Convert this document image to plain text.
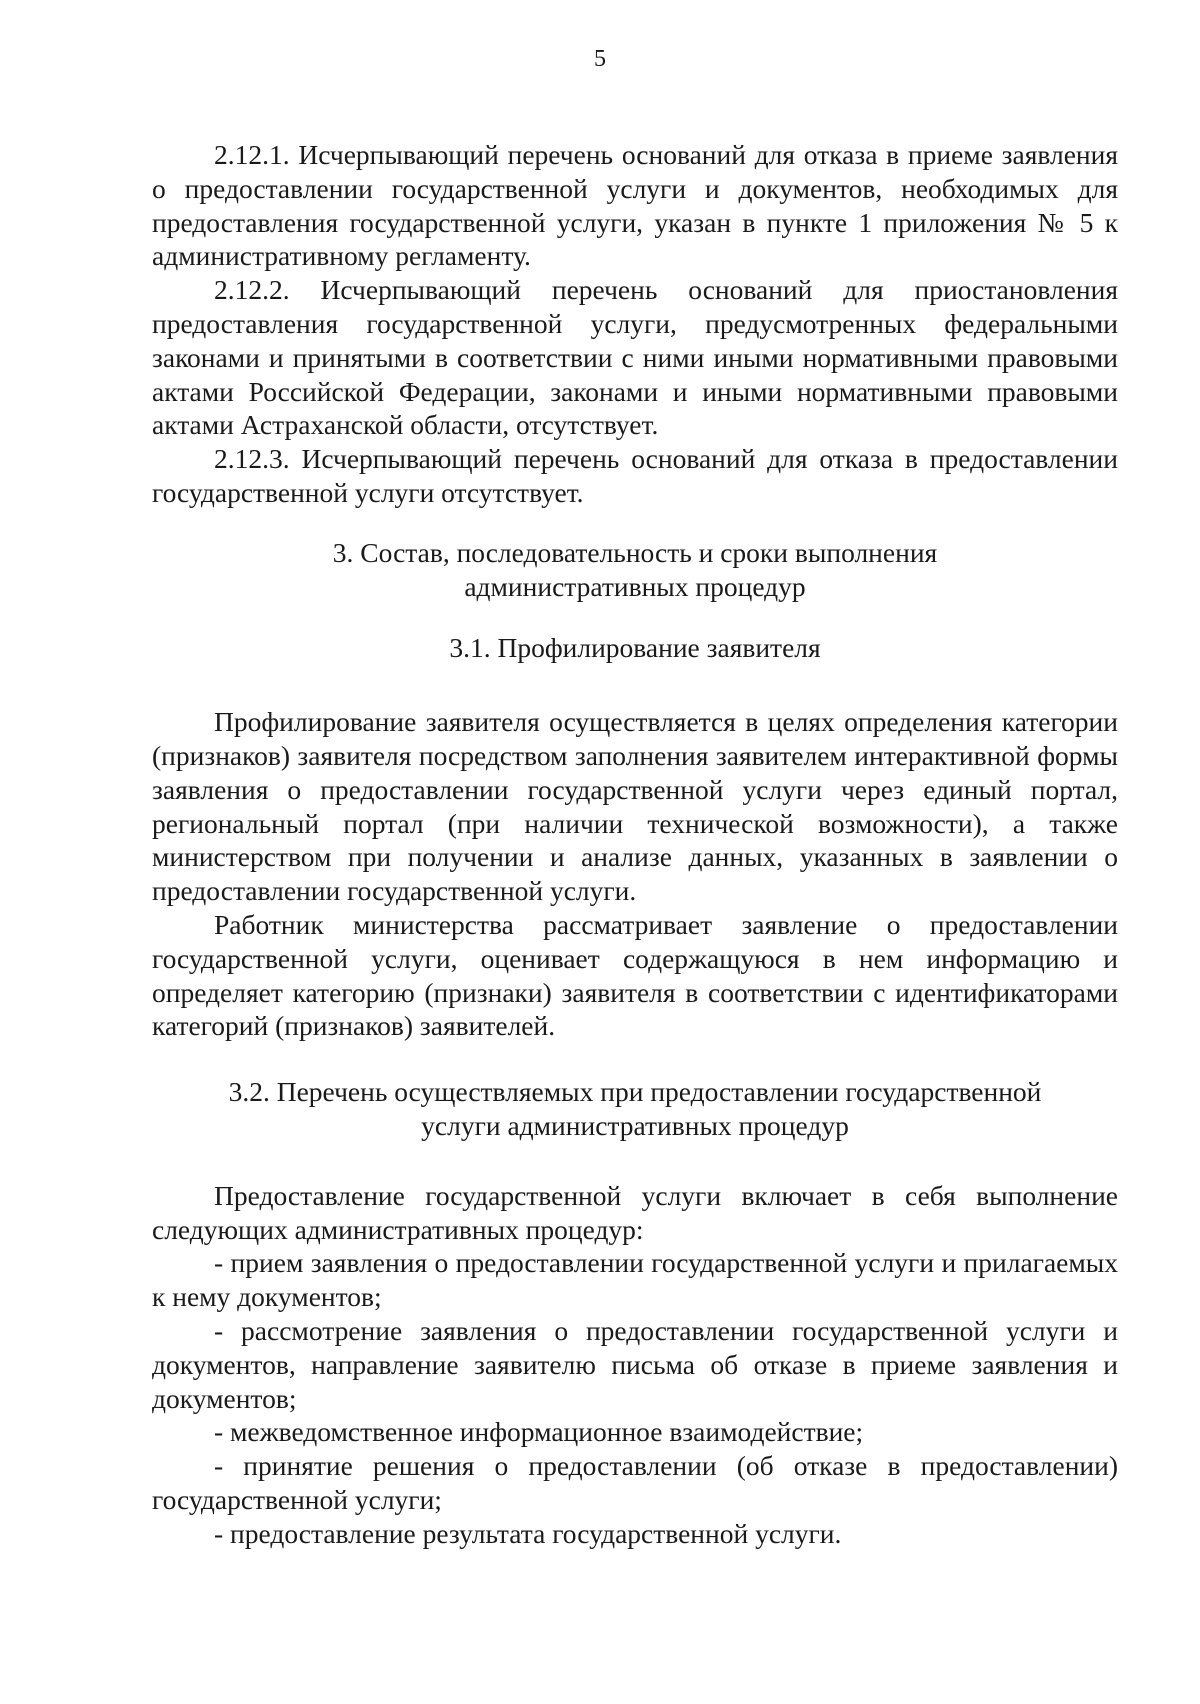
5

2.12.1. Исчерпывающий перечень оснований для отказа в приеме заявления о предоставлении государственной услуги и документов, необходимых для предоставления государственной услуги, указан в пункте 1 приложения № 5 к административному регламенту.

2.12.2. Исчерпывающий перечень оснований для приостановления предоставления государственной услуги, предусмотренных федеральными законами и принятыми в соответствии с ними иными нормативными правовыми актами Российской Федерации, законами и иными нормативными правовыми актами Астраханской области, отсутствует.

2.12.3. Исчерпывающий перечень оснований для отказа в предоставлении государственной услуги отсутствует.

3. Состав, последовательность и сроки выполнения
административных процедур
3.1. Профилирование заявителя

Профилирование заявителя осуществляется в целях определения категории (признаков) заявителя посредством заполнения заявителем интерактивной формы заявления о предоставлении государственной услуги через единый портал, региональный портал (при наличии технической возможности), а также министерством при получении и анализе данных, указанных в заявлении о предоставлении государственной услуги.

Работник министерства рассматривает заявление о предоставлении государственной услуги, оценивает содержащуюся в нем информацию и определяет категорию (признаки) заявителя в соответствии с идентификаторами категорий (признаков) заявителей.

3.2. Перечень осуществляемых при предоставлении государственной
услуги административных процедур

Предоставление государственной услуги включает в себя выполнение следующих административных процедур:

- прием заявления о предоставлении государственной услуги и прилагаемых к нему документов;

- рассмотрение заявления о предоставлении государственной услуги и документов, направление заявителю письма об отказе в приеме заявления и документов;

- межведомственное информационное взаимодействие;

- принятие решения о предоставлении (об отказе в предоставлении) государственной услуги;

- предоставление результата государственной услуги.
